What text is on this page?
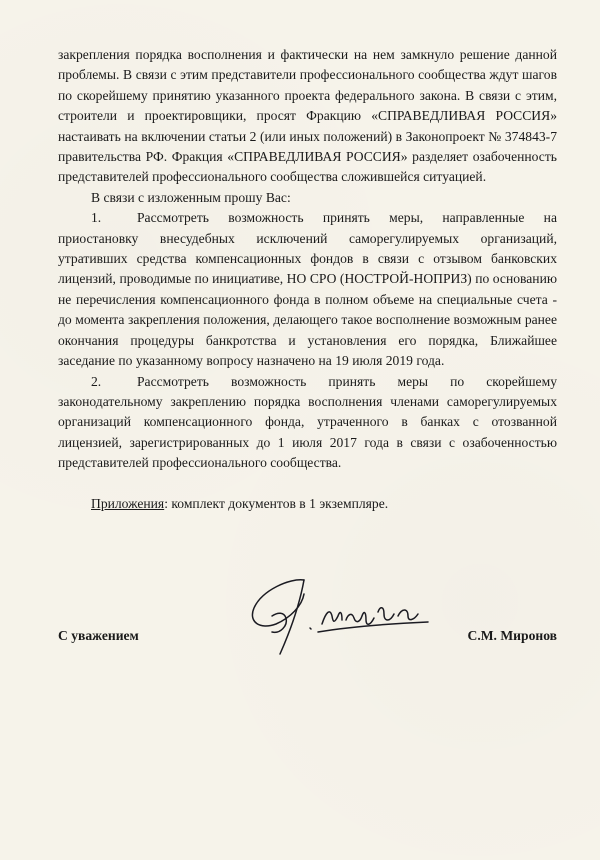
закрепления порядка восполнения и фактически на нем замкнуло решение данной проблемы. В связи с этим представители профессионального сообщества ждут шагов по скорейшему принятию указанного проекта федерального закона. В связи с этим, строители и проектировщики, просят Фракцию «СПРАВЕДЛИВАЯ РОССИЯ» настаивать на включении статьи 2 (или иных положений) в Законопроект № 374843-7 правительства РФ. Фракция «СПРАВЕДЛИВАЯ РОССИЯ» разделяет озабоченность представителей профессионального сообщества сложившейся ситуацией.

В связи с изложенным прошу Вас:

1.	Рассмотреть возможность принять меры, направленные на приостановку внесудебных исключений саморегулируемых организаций, утративших средства компенсационных фондов в связи с отзывом банковских лицензий, проводимые по инициативе, НО СРО (НОСТРОЙ-НОПРИЗ) по основанию не перечисления компенсационного фонда в полном объеме на специальные счета - до момента закрепления положения, делающего такое восполнение возможным ранее окончания процедуры банкротства и установления его порядка, Ближайшее заседание по указанному вопросу назначено на 19 июля 2019 года.

2.	Рассмотреть возможность принять меры по скорейшему законодательному закреплению порядка восполнения членами саморегулируемых организаций компенсационного фонда, утраченного в банках с отозванной лицензией, зарегистрированных до 1 июля 2017 года в связи с озабоченностью представителей профессионального сообщества.

Приложения: комплект документов в 1 экземпляре.

С уважением	С.М. Миронов
